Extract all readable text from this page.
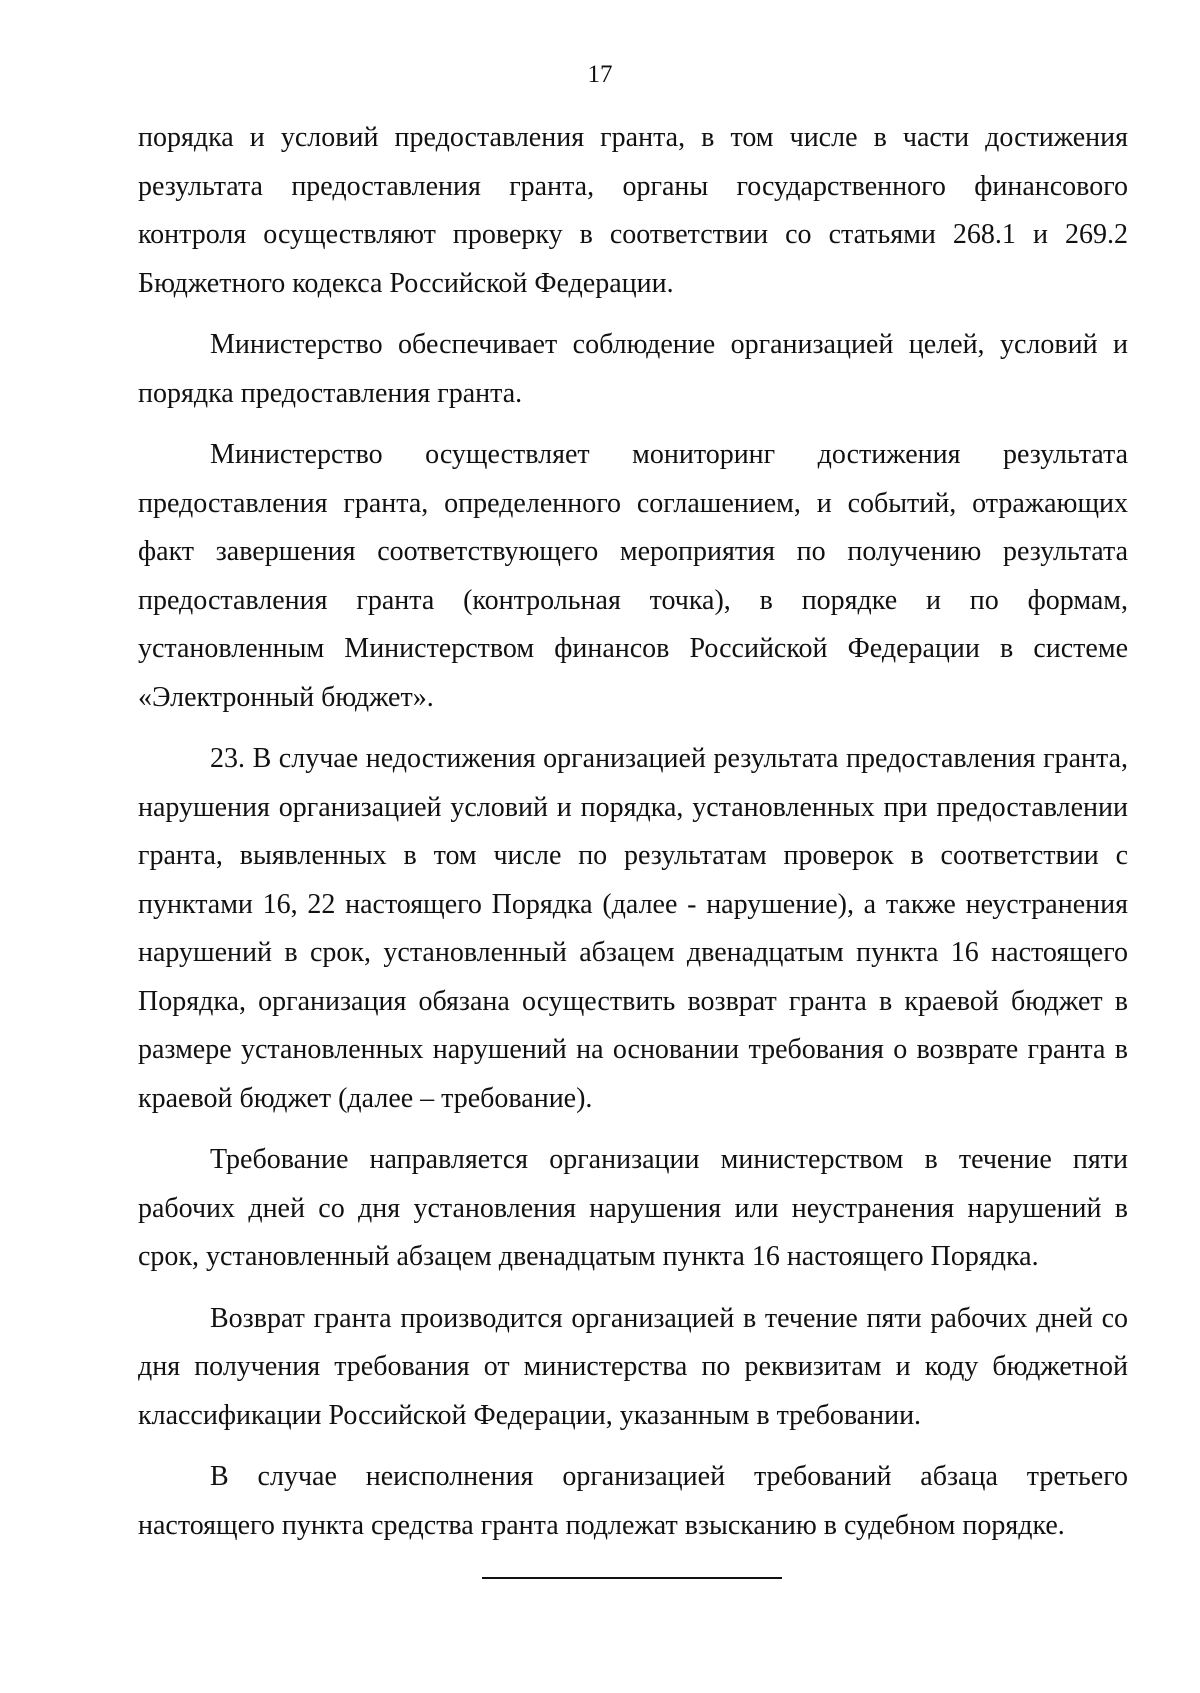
17

порядка и условий предоставления гранта, в том числе в части достижения результата предоставления гранта, органы государственного финансового контроля осуществляют проверку в соответствии со статьями 268.1 и 269.2 Бюджетного кодекса Российской Федерации.

Министерство обеспечивает соблюдение организацией целей, условий и порядка предоставления гранта.

Министерство осуществляет мониторинг достижения результата предоставления гранта, определенного соглашением, и событий, отражающих факт завершения соответствующего мероприятия по получению результата предоставления гранта (контрольная точка), в порядке и по формам, установленным Министерством финансов Российской Федерации в системе «Электронный бюджет».

23. В случае недостижения организацией результата предоставления гранта, нарушения организацией условий и порядка, установленных при предоставлении гранта, выявленных в том числе по результатам проверок в соответствии с пунктами 16, 22 настоящего Порядка (далее - нарушение), а также неустранения нарушений в срок, установленный абзацем двенадцатым пункта 16 настоящего Порядка, организация обязана осуществить возврат гранта в краевой бюджет в размере установленных нарушений на основании требования о возврате гранта в краевой бюджет (далее – требование).

Требование направляется организации министерством в течение пяти рабочих дней со дня установления нарушения или неустранения нарушений в срок, установленный абзацем двенадцатым пункта 16 настоящего Порядка.

Возврат гранта производится организацией в течение пяти рабочих дней со дня получения требования от министерства по реквизитам и коду бюджетной классификации Российской Федерации, указанным в требовании.

В случае неисполнения организацией требований абзаца третьего настоящего пункта средства гранта подлежат взысканию в судебном порядке.
